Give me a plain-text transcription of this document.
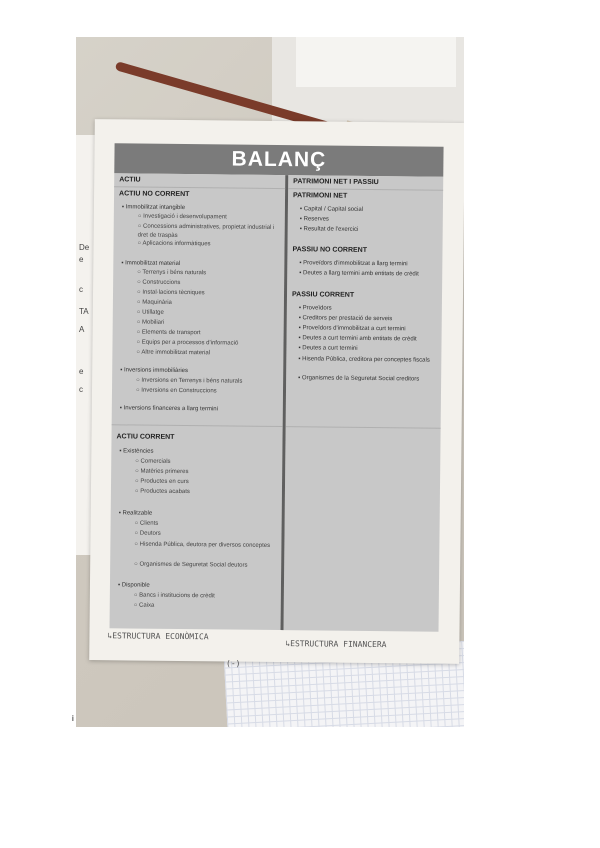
De
e
c
TA
A
e
c
BALANÇ
ACTIU
ACTIU NO CORRENT
▪ Immobilitzat intangible
○ Investigació i desenvolupament
○ Concessions administratives, propietat industrial i dret de traspàs
○ Aplicacions informàtiques
▪ Immobilitzat material
○ Terrenys i béns naturals
○ Construccions
○ Instal·lacions tècniques
○ Maquinària
○ Utillatge
○ Mobiliari
○ Elements de transport
○ Equips per a processos d'informació
○ Altre immobilitzat material
▪ Inversions immobiliàries
○ Inversions en Terrenys i béns naturals
○ Inversions en Construccions
▪ Inversions financeres a llarg termini
ACTIU CORRENT
▪ Existències
○ Comercials
○ Matèries primeres
○ Productes en curs
○ Productes acabats
▪ Realitzable
○ Clients
○ Deutors
○ Hisenda Pública, deutora per diversos conceptes
○ Organismes de Seguretat Social deutors
▪ Disponible
○ Bancs i institucions de crèdit
○ Caixa
PATRIMONI NET I PASSIU
PATRIMONI NET
▪ Capital / Capital social
▪ Reserves
▪ Resultat de l'exercici
PASSIU NO CORRENT
▪ Proveïdors d'immobilitzat a llarg termini
▪ Deutes a llarg termini amb entitats de crèdit
PASSIU CORRENT
▪ Proveïdors
▪ Creditors per prestació de serveis
▪ Proveïdors d'immobilitzat a curt termini
▪ Deutes a curt termini amb entitats de crèdit
▪ Deutes a curt termini
▪ Hisenda Pública, creditora per conceptes fiscals
▪ Organismes de la Seguretat Social creditors
↳ESTRUCTURA ECONÒMICA
↳ESTRUCTURA FINANCERA
(-)
i
